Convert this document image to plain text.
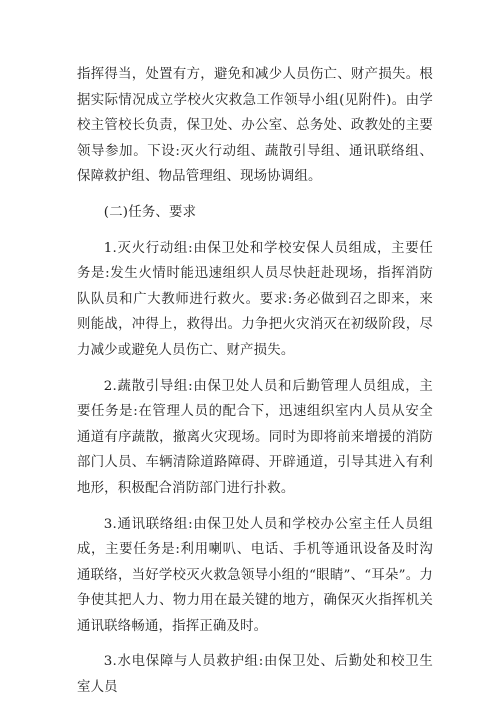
指挥得当，处置有方，避免和减少人员伤亡、财产损失。根据实际情况成立学校火灾救急工作领导小组(见附件)。由学校主管校长负责，保卫处、办公室、总务处、政教处的主要领导参加。下设:灭火行动组、蔬散引导组、通讯联络组、保障救护组、物品管理组、现场协调组。

(二)任务、要求

1.灭火行动组:由保卫处和学校安保人员组成，主要任务是:发生火情时能迅速组织人员尽快赶赴现场，指挥消防队队员和广大教师进行救火。要求:务必做到召之即来，来则能战，冲得上，救得出。力争把火灾消灭在初级阶段，尽力减少或避免人员伤亡、财产损失。

2.蔬散引导组:由保卫处人员和后勤管理人员组成，主要任务是:在管理人员的配合下，迅速组织室内人员从安全通道有序蔬散，撤离火灾现场。同时为即将前来增援的消防部门人员、车辆清除道路障碍、开辟通道，引导其进入有利地形，积极配合消防部门进行扑救。

3.通讯联络组:由保卫处人员和学校办公室主任人员组成，主要任务是:利用喇叭、电话、手机等通讯设备及时沟通联络，当好学校灭火救急领导小组的“眼睛”、“耳朵”。力争使其把人力、物力用在最关键的地方，确保灭火指挥机关通讯联络畅通，指挥正确及时。

3.水电保障与人员救护组:由保卫处、后勤处和校卫生室人员
